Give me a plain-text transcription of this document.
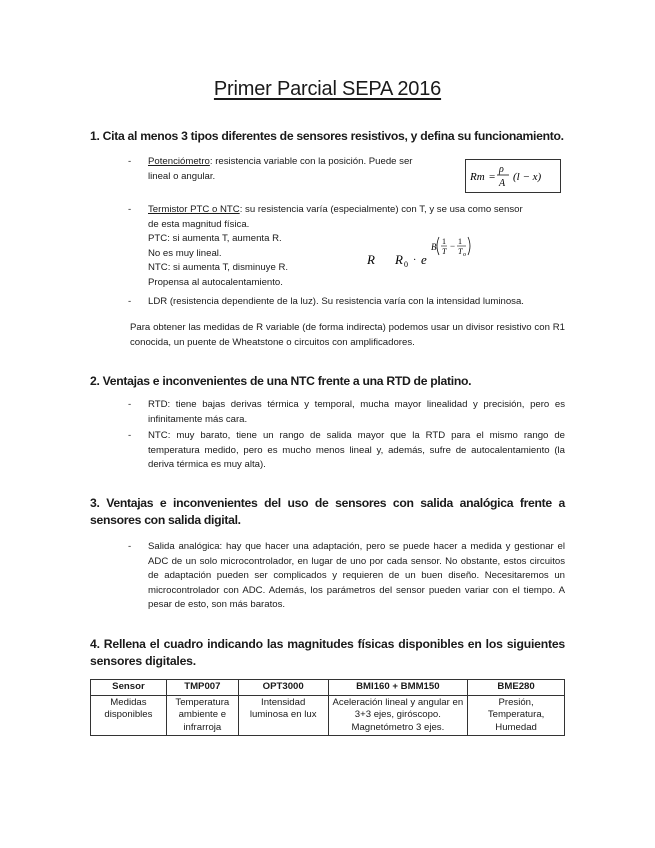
Primer Parcial SEPA 2016
1. Cita al menos 3 tipos diferentes de sensores resistivos, y defina su funcionamiento.
- Potenciómetro: resistencia variable con la posición. Puede ser
lineal o angular.	Rm =
ρ
A
(l − x)
- Termistor PTC o NTC: su resistencia varía (especialmente) con T, y se usa como sensor
de esta magnitud física.
PTC: si aumenta T, aumenta R.
No es muy lineal.
NTC: si aumenta T, disminuye R.
Propensa al autocalentamiento.
R R 0 · e
B
1
T
− 1
T o
- LDR (resistencia dependiente de la luz). Su resistencia varía con la intensidad luminosa.
Para obtener las medidas de R variable (de forma indirecta) podemos usar un divisor resistivo con R1 conocida, un puente de Wheatstone o circuitos con amplificadores.
2. Ventajas e inconvenientes de una NTC frente a una RTD de platino.
- RTD: tiene bajas derivas térmica y temporal, mucha mayor linealidad y precisión, pero es infinitamente más cara.
- NTC: muy barato, tiene un rango de salida mayor que la RTD para el mismo rango de temperatura medido, pero es mucho menos lineal y, además, sufre de autocalentamiento (la deriva térmica es muy alta).
3. Ventajas e inconvenientes del uso de sensores con salida analógica frente a sensores con salida digital.
- Salida analógica: hay que hacer una adaptación, pero se puede hacer a medida y gestionar el ADC de un solo microcontrolador, en lugar de uno por cada sensor. No obstante, estos circuitos de adaptación pueden ser complicados y requieren de un buen diseño. Necesitaremos un microcontrolador con ADC. Además, los parámetros del sensor pueden variar con el tiempo. A pesar de esto, son más baratos.
4. Rellena el cuadro indicando las magnitudes físicas disponibles en los siguientes sensores digitales.
Sensor	TMP007	OPT3000	BMI160 + BMM150	BME280
Medidas disponibles	Temperatura ambiente e infrarroja	Intensidad luminosa en lux	Aceleración lineal y angular en 3+3 ejes, giróscopo. Magnetómetro 3 ejes.	Presión, Temperatura, Humedad
